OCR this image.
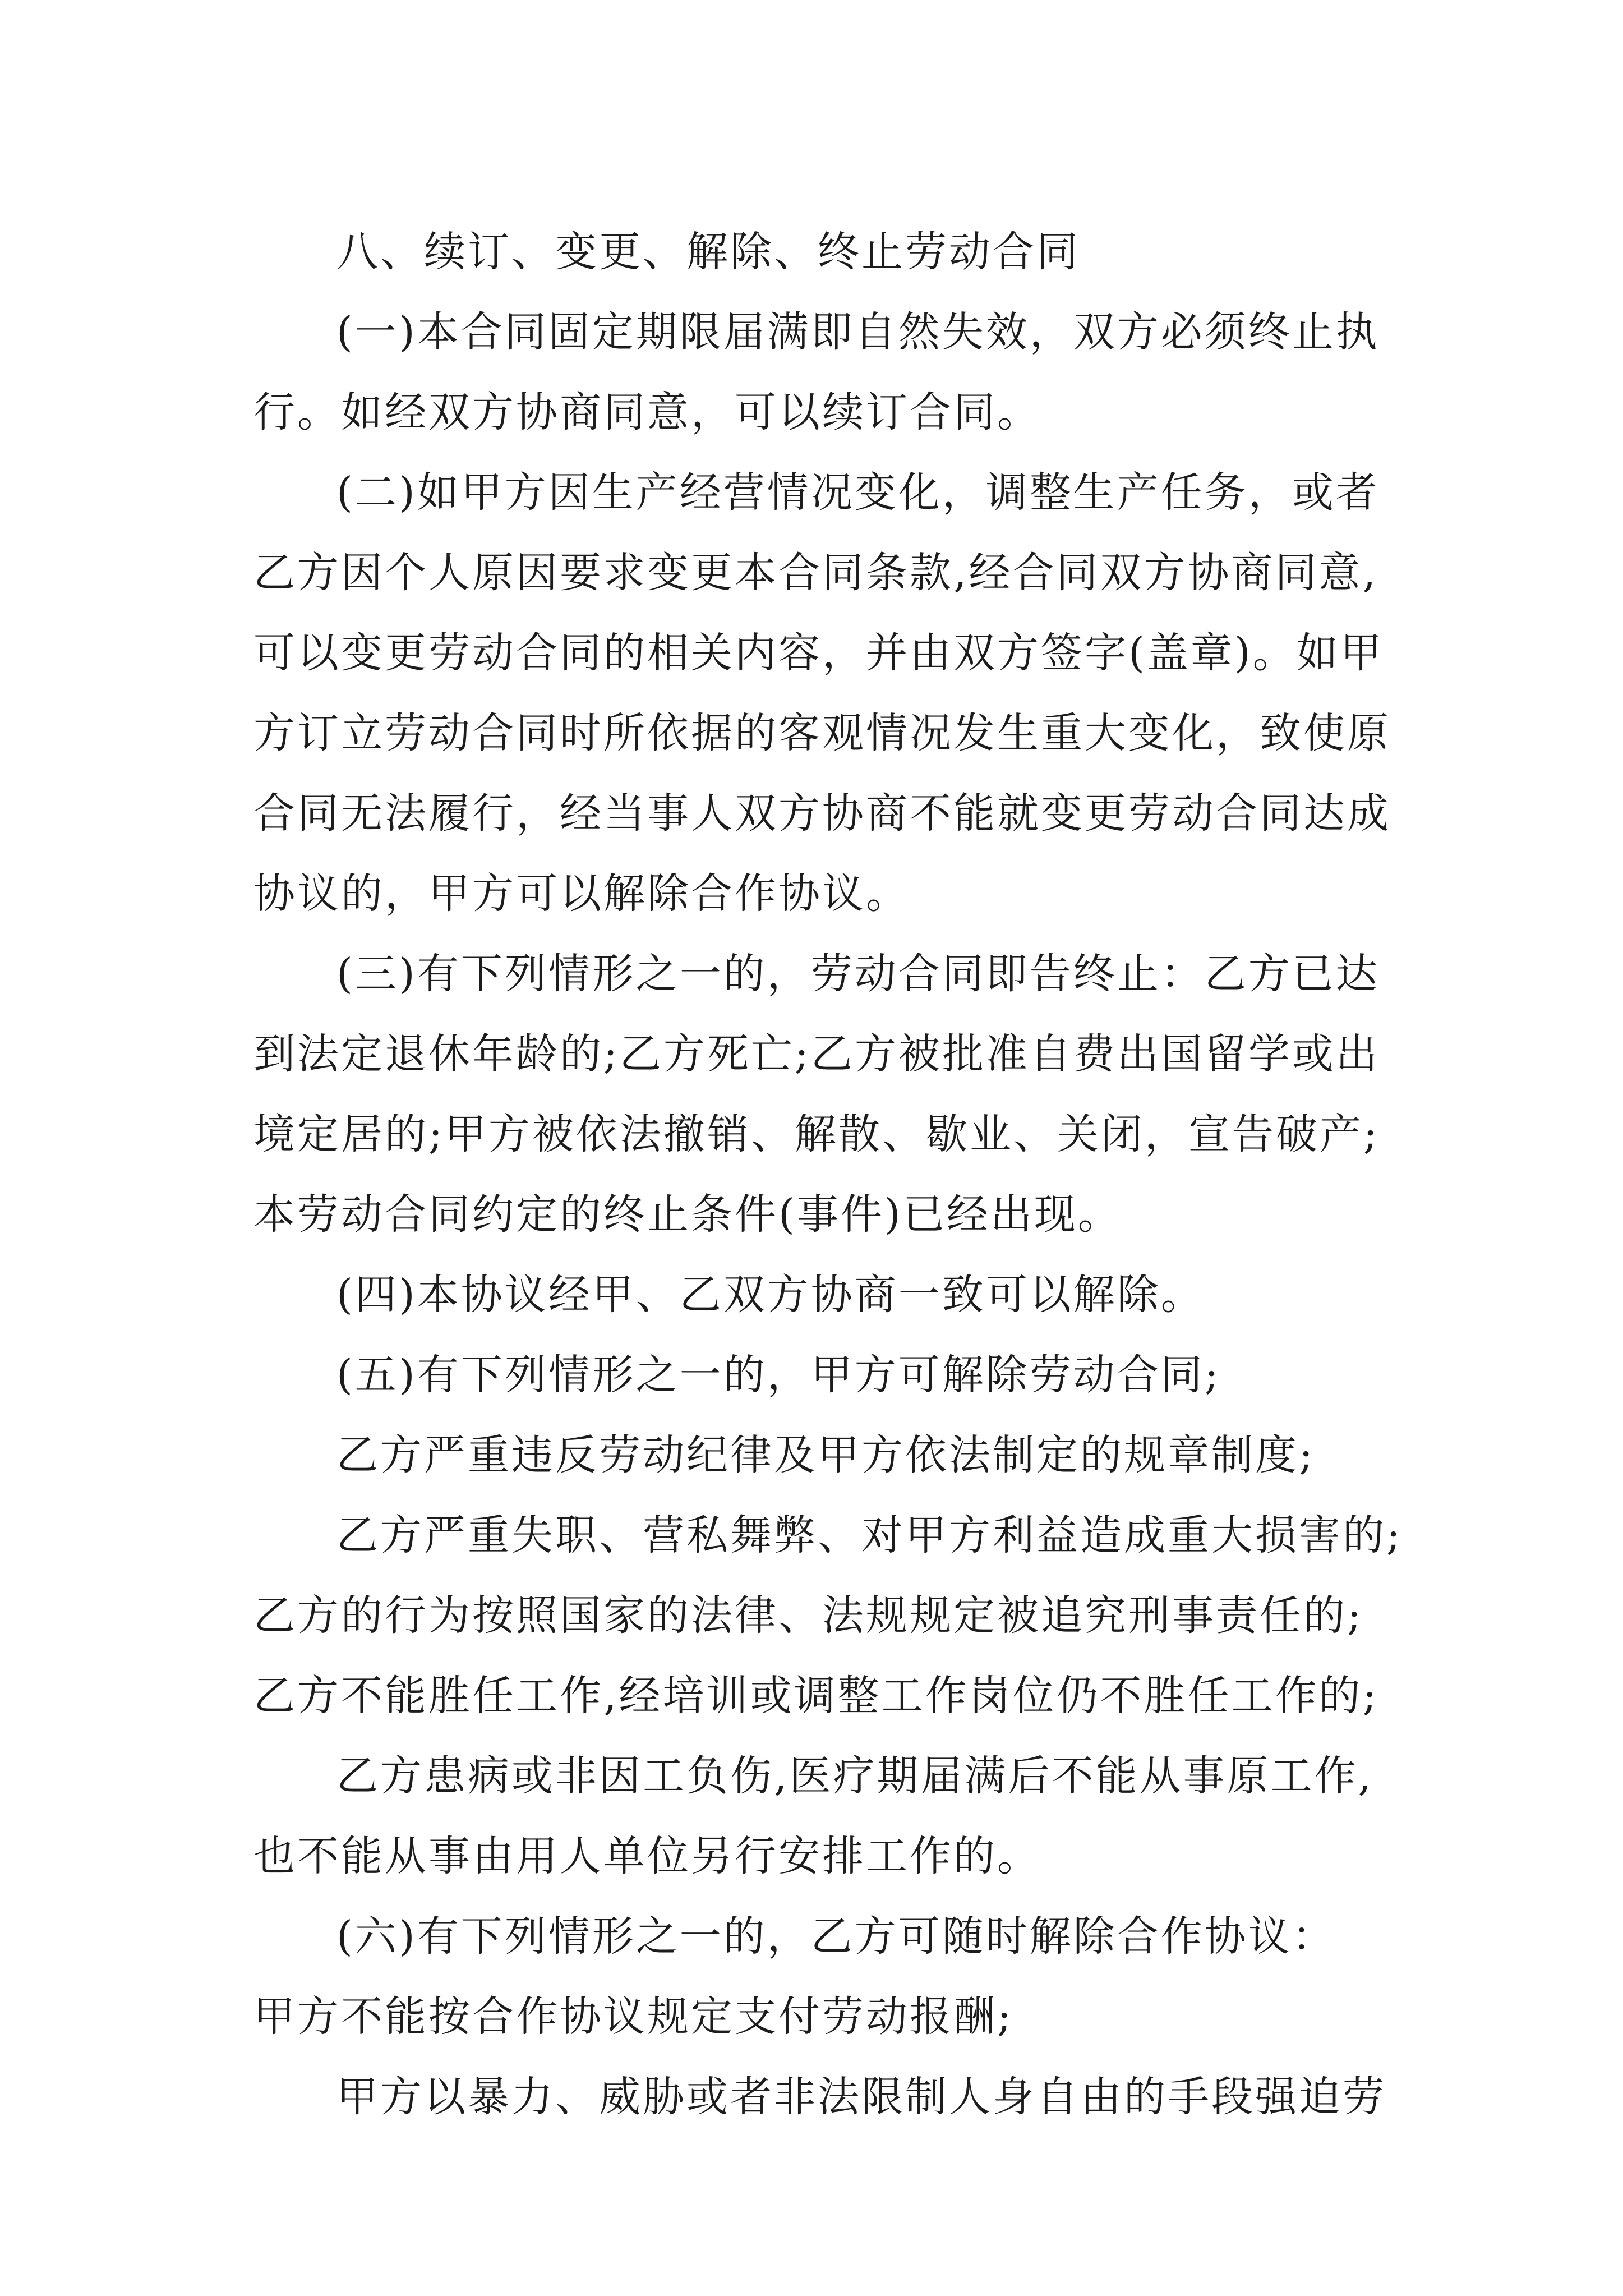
八、续订、变更、解除、终止劳动合同
(一)本合同固定期限届满即自然失效，双方必须终止执
行。如经双方协商同意，可以续订合同。
(二)如甲方因生产经营情况变化，调整生产任务，或者
乙方因个人原因要求变更本合同条款,经合同双方协商同意,
可以变更劳动合同的相关内容，并由双方签字(盖章)。如甲
方订立劳动合同时所依据的客观情况发生重大变化，致使原
合同无法履行，经当事人双方协商不能就变更劳动合同达成
协议的，甲方可以解除合作协议。
(三)有下列情形之一的，劳动合同即告终止：乙方已达
到法定退休年龄的;乙方死亡;乙方被批准自费出国留学或出
境定居的;甲方被依法撤销、解散、歇业、关闭，宣告破产;
本劳动合同约定的终止条件(事件)已经出现。
(四)本协议经甲、乙双方协商一致可以解除。
(五)有下列情形之一的，甲方可解除劳动合同;
乙方严重违反劳动纪律及甲方依法制定的规章制度;
乙方严重失职、营私舞弊、对甲方利益造成重大损害的;
乙方的行为按照国家的法律、法规规定被追究刑事责任的;
乙方不能胜任工作,经培训或调整工作岗位仍不胜任工作的;
乙方患病或非因工负伤,医疗期届满后不能从事原工作,
也不能从事由用人单位另行安排工作的。
(六)有下列情形之一的，乙方可随时解除合作协议：
甲方不能按合作协议规定支付劳动报酬;
甲方以暴力、威胁或者非法限制人身自由的手段强迫劳
